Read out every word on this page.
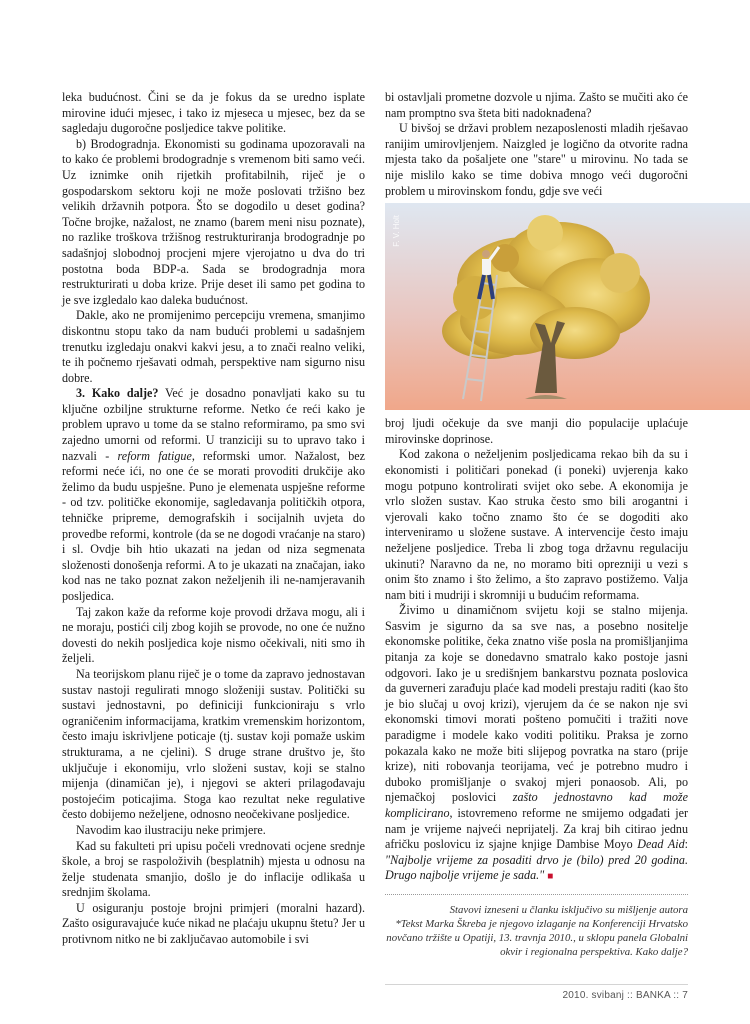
leka budućnost. Čini se da je fokus da se uredno isplate mirovine idući mjesec, i tako iz mjeseca u mjesec, bez da se sagledaju dugoročne posljedice takve politike.

b) Brodogradnja. Ekonomisti su godinama upozoravali na to kako će problemi brodogradnje s vremenom biti samo veći. Uz iznimke onih rijetkih profitabilnih, riječ je o gospodarskom sektoru koji ne može poslovati tržišno bez velikih državnih potpora. Što se dogodilo u deset godina? Točne brojke, nažalost, ne znamo (barem meni nisu poznate), no razlike troškova tržišnog restrukturiranja brodogradnje po sadašnjoj slobodnoj procjeni mjere vjerojatno u dva do tri postotna boda BDP-a. Sada se brodogradnja mora restrukturirati u doba krize. Prije deset ili samo pet godina to je sve izgledalo kao daleka budućnost.

Dakle, ako ne promijenimo percepciju vremena, smanjimo diskontnu stopu tako da nam budući problemi u sadašnjem trenutku izgledaju onakvi kakvi jesu, a to znači realno veliki, te ih počnemo rješavati odmah, perspektive nam sigurno nisu dobre.

3. Kako dalje? Već je dosadno ponavljati kako su tu ključne ozbiljne strukturne reforme. Netko će reći kako je problem upravo u tome da se stalno reformiramo, pa smo svi zajedno umorni od reformi. U tranziciji su to upravo tako i nazvali - reform fatigue, reformski umor. Nažalost, bez reformi neće ići, no one će se morati provoditi drukčije ako želimo da budu uspješne. Puno je elemenata uspješne reforme - od tzv. političke ekonomije, sagledavanja političkih otpora, tehničke pripreme, demografskih i socijalnih uvjeta do provedbe reformi, kontrole (da se ne dogodi vraćanje na staro) i sl. Ovdje bih htio ukazati na jedan od niza segmenata složenosti donošenja reformi. A to je ukazati na značajan, iako kod nas ne tako poznat zakon neželjenih ili ne-namjeravanih posljedica.

Taj zakon kaže da reforme koje provodi država mogu, ali i ne moraju, postići cilj zbog kojih se provode, no one će nužno dovesti do nekih posljedica koje nismo očekivali, niti smo ih željeli.

Na teorijskom planu riječ je o tome da zapravo jednostavan sustav nastoji regulirati mnogo složeniji sustav. Politički su sustavi jednostavni, po definiciji funkcioniraju s vrlo ograničenim informacijama, kratkim vremenskim horizontom, često imaju iskrivljene poticaje (tj. sustav koji pomaže uskim strukturama, a ne cjelini). S druge strane društvo je, što uključuje i ekonomiju, vrlo složeni sustav, koji se stalno mijenja (dinamičan je), i njegovi se akteri prilagođavaju postojećim poticajima. Stoga kao rezultat neke regulative često dobijemo neželjene, odnosno neočekivane posljedice.

Navodim kao ilustraciju neke primjere.

Kad su fakulteti pri upisu počeli vrednovati ocjene srednje škole, a broj se raspoloživih (besplatnih) mjesta u odnosu na želje studenata smanjio, došlo je do inflacije odlikaša u srednjim školama.

U osiguranju postoje brojni primjeri (moralni hazard). Zašto osiguravajuće kuće nikad ne plaćaju ukupnu štetu? Jer u protivnom nitko ne bi zaključavao automobile i svi

bi ostavljali prometne dozvole u njima. Zašto se mučiti ako će nam promptno sva šteta biti nadoknađena?

U bivšoj se državi problem nezaposlenosti mladih rješavao ranijim umirovljenjem. Naizgled je logično da otvorite radna mjesta tako da pošaljete one "stare" u mirovinu. No tada se nije mislilo kako se time dobiva mnogo veći dugoročni problem u mirovinskom fondu, gdje sve veći

F. V. Holt

broj ljudi očekuje da sve manji dio populacije uplaćuje mirovinske doprinose.

Kod zakona o neželjenim posljedicama rekao bih da su i ekonomisti i političari ponekad (i poneki) uvjerenja kako mogu potpuno kontrolirati svijet oko sebe. A ekonomija je vrlo složen sustav. Kao struka često smo bili arogantni i vjerovali kako točno znamo što će se dogoditi ako interveniramo u složene sustave. A intervencije često imaju neželjene posljedice. Treba li zbog toga državnu regulaciju ukinuti? Naravno da ne, no moramo biti oprezniji u vezi s onim što znamo i što želimo, a što zapravo postižemo. Valja nam biti i mudriji i skromniji u budućim reformama.

Živimo u dinamičnom svijetu koji se stalno mijenja. Sasvim je sigurno da sa sve nas, a posebno nositelje ekonomske politike, čeka znatno više posla na promišljanjima pitanja za koje se donedavno smatralo kako postoje jasni odgovori. Iako je u središnjem bankarstvu poznata poslovica da guverneri zarađuju plaće kad modeli prestaju raditi (kao što je bio slučaj u ovoj krizi), vjerujem da će se nakon nje svi ekonomski timovi morati pošteno pomučiti i tražiti nove paradigme i modele kako voditi politiku. Praksa je zorno pokazala kako ne može biti slijepog povratka na staro (prije krize), niti robovanja teorijama, već je potrebno mudro i duboko promišljanje o svakoj mjeri ponaosob. Ali, po njemačkoj poslovici zašto jednostavno kad može komplicirano, istovremeno reforme ne smijemo odgađati jer nam je vrijeme najveći neprijatelj. Za kraj bih citirao jednu afričku poslovicu iz sjajne knjige Dambise Moyo Dead Aid: "Najbolje vrijeme za posaditi drvo je (bilo) pred 20 godina. Drugo najbolje vrijeme je sada." ■

Stavovi izneseni u članku isključivo su mišljenje autora

*Tekst Marka Škreba je njegovo izlaganje na Konferenciji Hrvatsko novčano tržište u Opatiji, 13. travnja 2010., u sklopu panela Globalni okvir i regionalna perspektiva. Kako dalje?

2010. svibanj :: BANKA :: 7
